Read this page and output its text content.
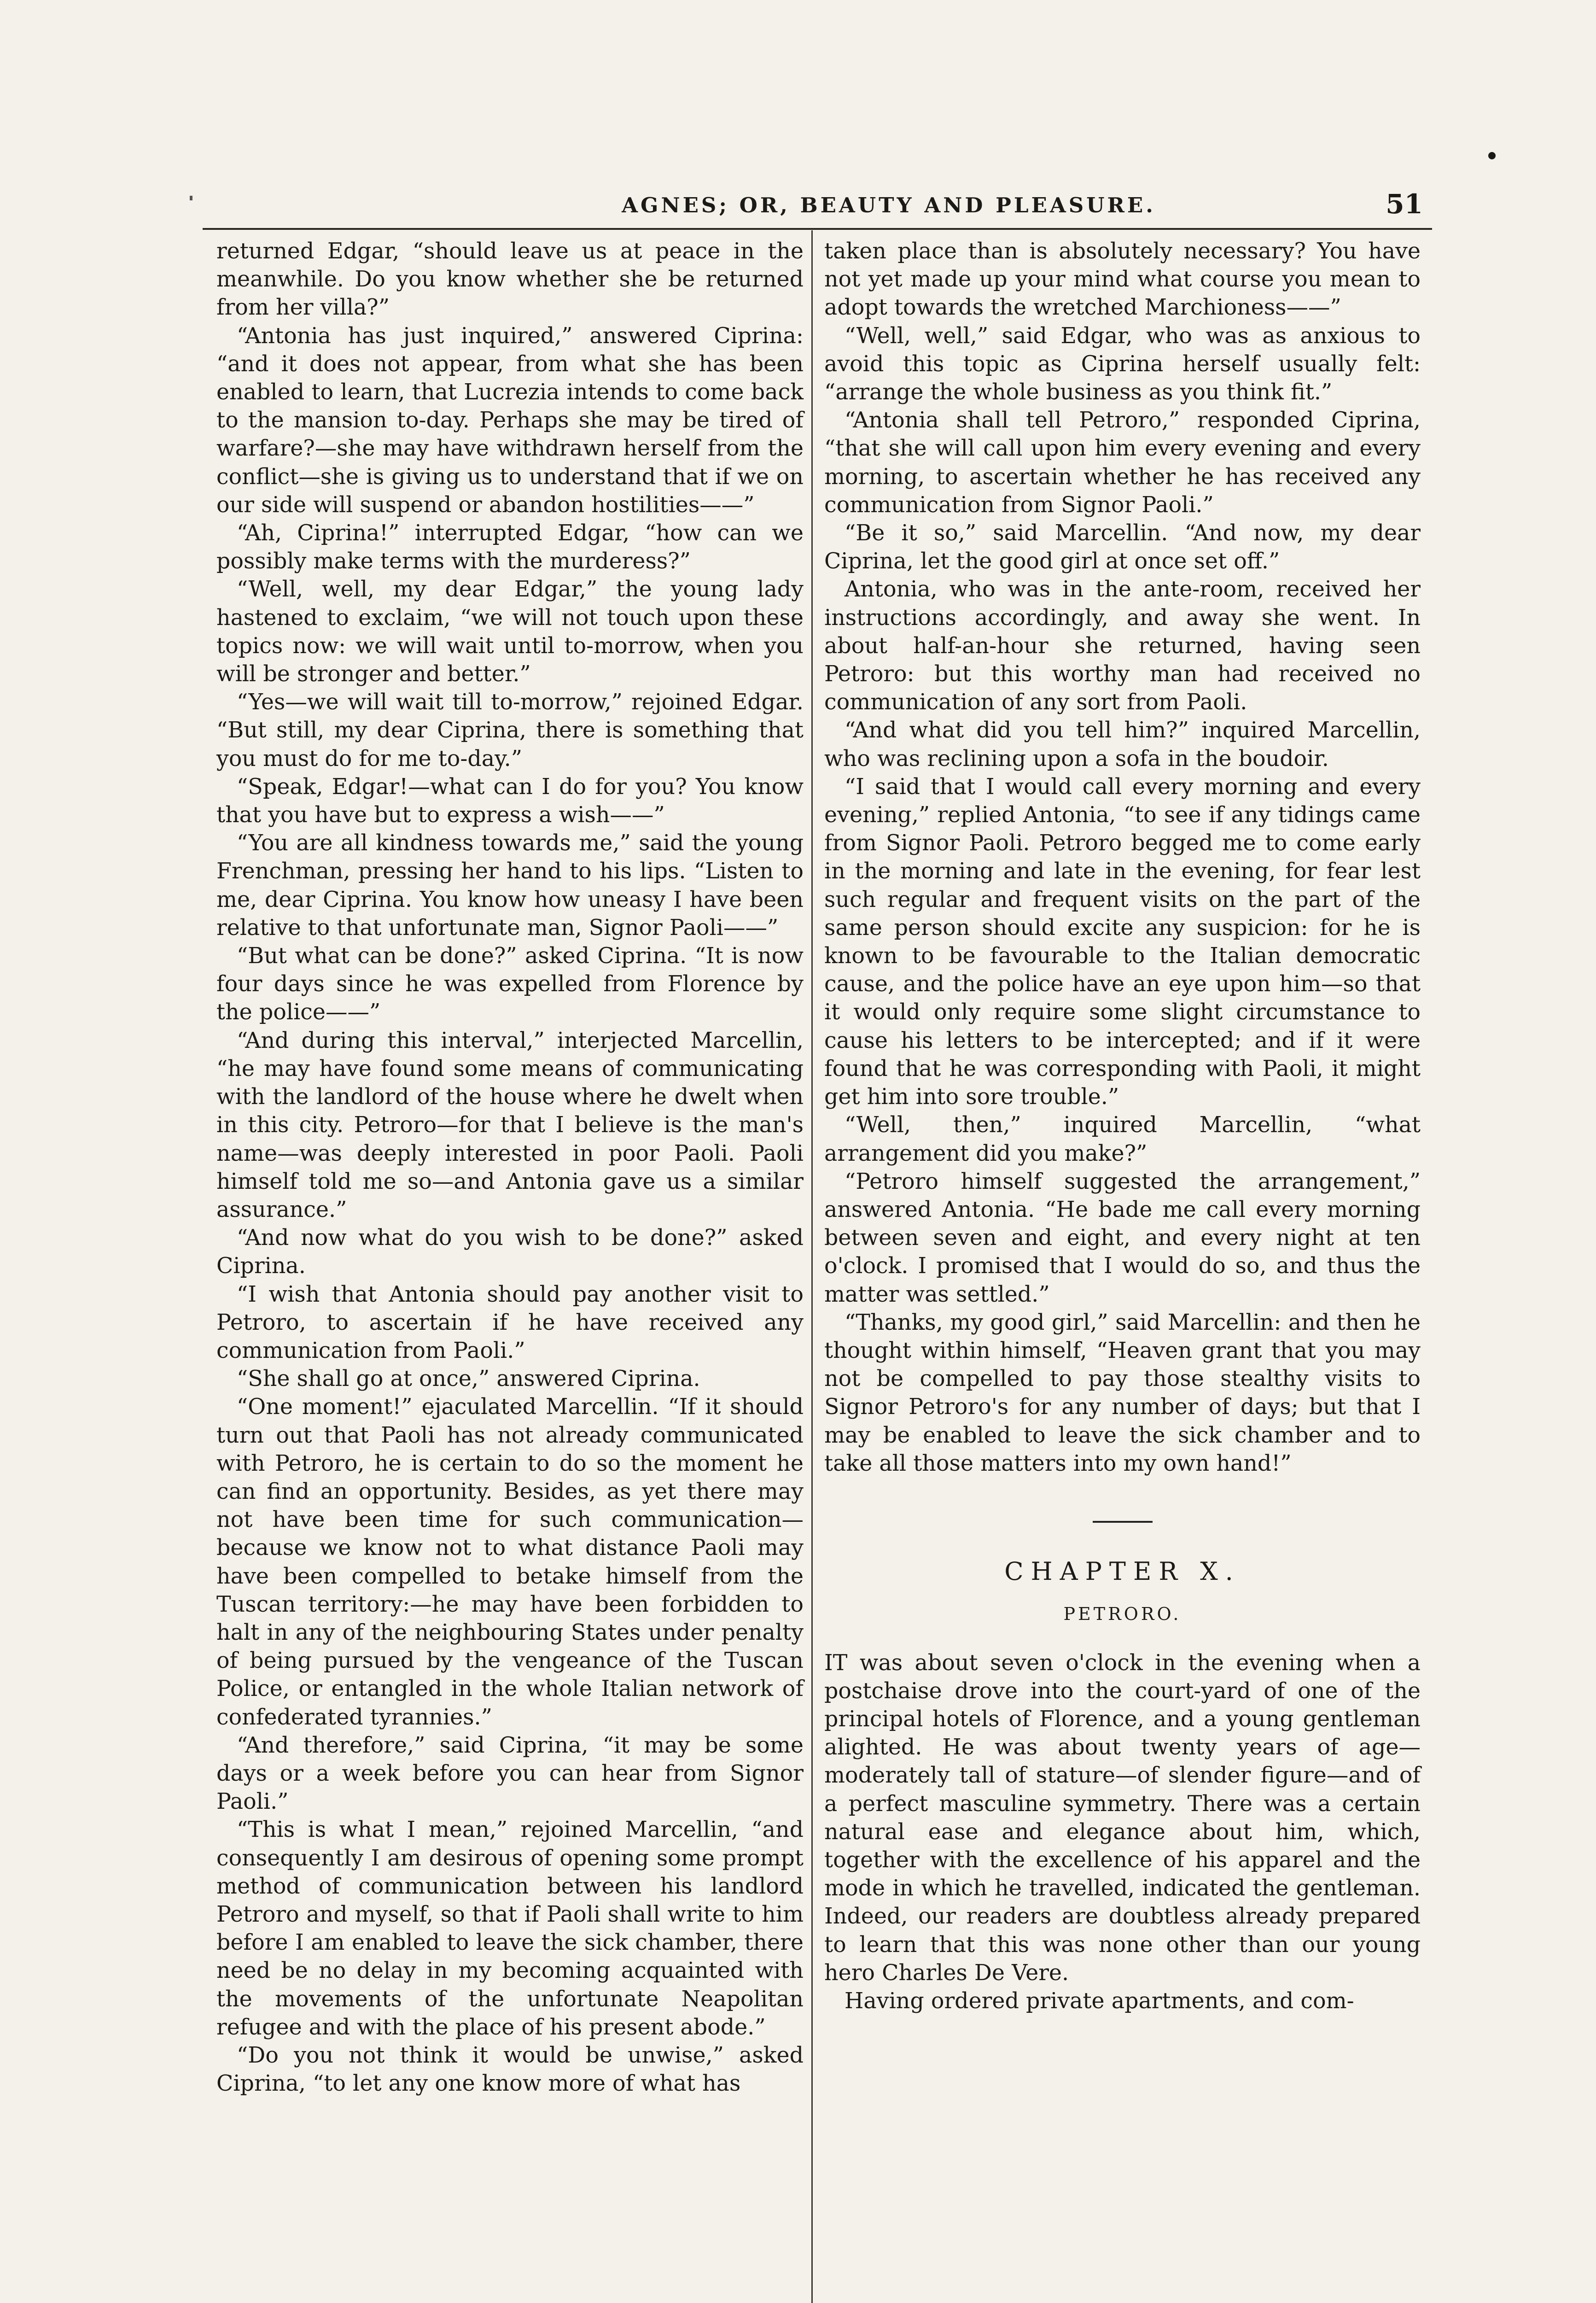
AGNES; OR, BEAUTY AND PLEASURE.	51

returned Edgar, “should leave us at peace in the meanwhile. Do you know whether she be returned from her villa?”

“Antonia has just inquired,” answered Ciprina: “and it does not appear, from what she has been enabled to learn, that Lucrezia intends to come back to the mansion to-day. Perhaps she may be tired of warfare?—she may have withdrawn herself from the conflict—she is giving us to understand that if we on our side will suspend or abandon hostilities——”

“Ah, Ciprina!” interrupted Edgar, “how can we possibly make terms with the murderess?”

“Well, well, my dear Edgar,” the young lady hastened to exclaim, “we will not touch upon these topics now: we will wait until to-morrow, when you will be stronger and better.”

“Yes—we will wait till to-morrow,” rejoined Edgar. “But still, my dear Ciprina, there is something that you must do for me to-day.”

“Speak, Edgar!—what can I do for you? You know that you have but to express a wish——”

“You are all kindness towards me,” said the young Frenchman, pressing her hand to his lips. “Listen to me, dear Ciprina. You know how uneasy I have been relative to that unfortunate man, Signor Paoli——”

“But what can be done?” asked Ciprina. “It is now four days since he was expelled from Florence by the police——”

“And during this interval,” interjected Marcellin, “he may have found some means of communicating with the landlord of the house where he dwelt when in this city. Petroro—for that I believe is the man's name—was deeply interested in poor Paoli. Paoli himself told me so—and Antonia gave us a similar assurance.”

“And now what do you wish to be done?” asked Ciprina.

“I wish that Antonia should pay another visit to Petroro, to ascertain if he have received any communication from Paoli.”

“She shall go at once,” answered Ciprina.

“One moment!” ejaculated Marcellin. “If it should turn out that Paoli has not already communicated with Petroro, he is certain to do so the moment he can find an opportunity. Besides, as yet there may not have been time for such communication—because we know not to what distance Paoli may have been compelled to betake himself from the Tuscan territory:—he may have been forbidden to halt in any of the neighbouring States under penalty of being pursued by the vengeance of the Tuscan Police, or entangled in the whole Italian network of confederated tyrannies.”

“And therefore,” said Ciprina, “it may be some days or a week before you can hear from Signor Paoli.”

“This is what I mean,” rejoined Marcellin, “and consequently I am desirous of opening some prompt method of communication between his landlord Petroro and myself, so that if Paoli shall write to him before I am enabled to leave the sick chamber, there need be no delay in my becoming acquainted with the movements of the unfortunate Neapolitan refugee and with the place of his present abode.”

“Do you not think it would be unwise,” asked Ciprina, “to let any one know more of what has

taken place than is absolutely necessary? You have not yet made up your mind what course you mean to adopt towards the wretched Marchioness——”

“Well, well,” said Edgar, who was as anxious to avoid this topic as Ciprina herself usually felt: “arrange the whole business as you think fit.”

“Antonia shall tell Petroro,” responded Ciprina, “that she will call upon him every evening and every morning, to ascertain whether he has received any communication from Signor Paoli.”

“Be it so,” said Marcellin. “And now, my dear Ciprina, let the good girl at once set off.”

Antonia, who was in the ante-room, received her instructions accordingly, and away she went. In about half-an-hour she returned, having seen Petroro: but this worthy man had received no communication of any sort from Paoli.

“And what did you tell him?” inquired Marcellin, who was reclining upon a sofa in the boudoir.

“I said that I would call every morning and every evening,” replied Antonia, “to see if any tidings came from Signor Paoli. Petroro begged me to come early in the morning and late in the evening, for fear lest such regular and frequent visits on the part of the same person should excite any suspicion: for he is known to be favourable to the Italian democratic cause, and the police have an eye upon him—so that it would only require some slight circumstance to cause his letters to be intercepted; and if it were found that he was corresponding with Paoli, it might get him into sore trouble.”

“Well, then,” inquired Marcellin, “what arrangement did you make?”

“Petroro himself suggested the arrangement,” answered Antonia. “He bade me call every morning between seven and eight, and every night at ten o'clock. I promised that I would do so, and thus the matter was settled.”

“Thanks, my good girl,” said Marcellin: and then he thought within himself, “Heaven grant that you may not be compelled to pay those stealthy visits to Signor Petroro's for any number of days; but that I may be enabled to leave the sick chamber and to take all those matters into my own hand!”

CHAPTER X.
PETRORO.

IT was about seven o'clock in the evening when a postchaise drove into the court-yard of one of the principal hotels of Florence, and a young gentleman alighted. He was about twenty years of age—moderately tall of stature—of slender figure—and of a perfect masculine symmetry. There was a certain natural ease and elegance about him, which, together with the excellence of his apparel and the mode in which he travelled, indicated the gentleman. Indeed, our readers are doubtless already prepared to learn that this was none other than our young hero Charles De Vere.

Having ordered private apartments, and com-
